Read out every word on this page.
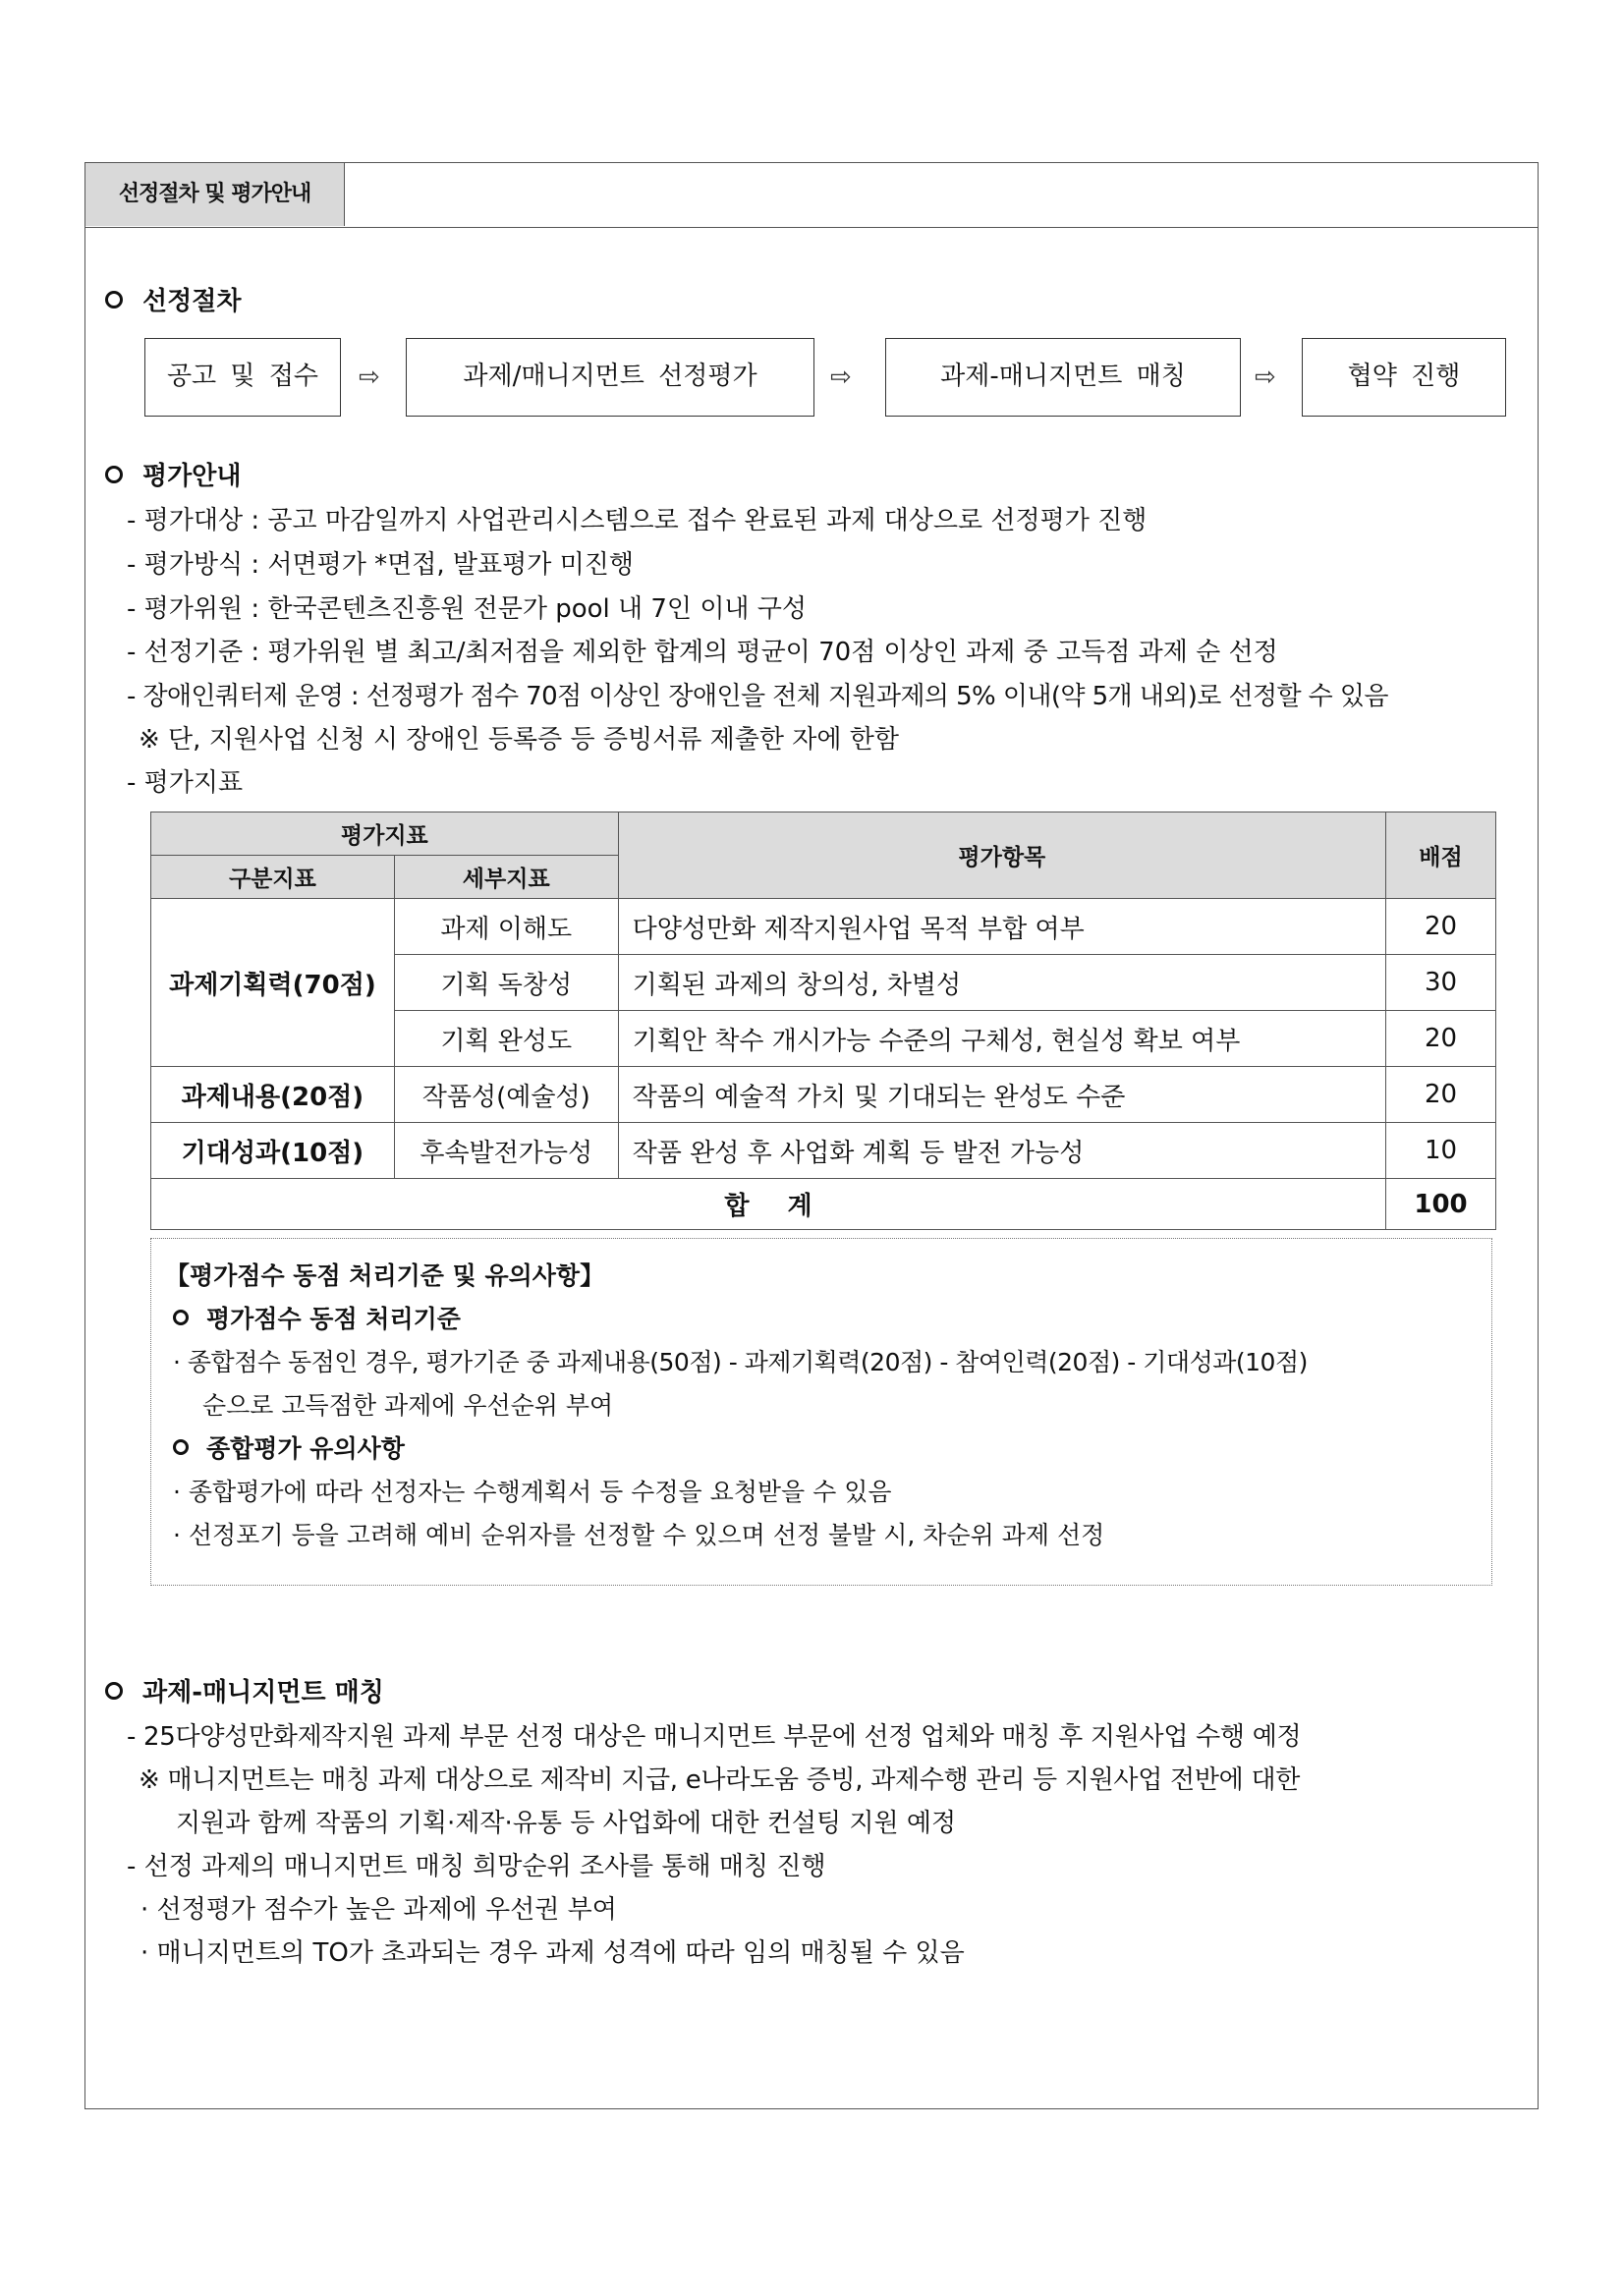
선정절차 및 평가안내
선정절차
공고 및 접수	⇨	과제/매니지먼트 선정평가	⇨	과제-매니지먼트 매칭	⇨	협약 진행
평가안내
- 평가대상 : 공고 마감일까지 사업관리시스템으로 접수 완료된 과제 대상으로 선정평가 진행
- 평가방식 : 서면평가 *면접, 발표평가 미진행
- 평가위원 : 한국콘텐츠진흥원 전문가 pool 내 7인 이내 구성
- 선정기준 : 평가위원 별 최고/최저점을 제외한 합계의 평균이 70점 이상인 과제 중 고득점 과제 순 선정
- 장애인쿼터제 운영 : 선정평가 점수 70점 이상인 장애인을 전체 지원과제의 5% 이내(약 5개 내외)로 선정할 수 있음
※ 단, 지원사업 신청 시 장애인 등록증 등 증빙서류 제출한 자에 한함
- 평가지표
평가지표		평가항목	배점
구분지표	세부지표		
과제기획력(70점)	과제 이해도	다양성만화 제작지원사업 목적 부합 여부	20
	기획 독창성	기획된 과제의 창의성, 차별성	30
	기획 완성도	기획안 착수 개시가능 수준의 구체성, 현실성 확보 여부	20
과제내용(20점)	작품성(예술성)	작품의 예술적 가치 및 기대되는 완성도 수준	20
기대성과(10점)	후속발전가능성	작품 완성 후 사업화 계획 등 발전 가능성	10
합 계			100
【평가점수 동점 처리기준 및 유의사항】
평가점수 동점 처리기준
· 종합점수 동점인 경우, 평가기준 중 과제내용(50점) - 과제기획력(20점) - 참여인력(20점) - 기대성과(10점)
순으로 고득점한 과제에 우선순위 부여
종합평가 유의사항
· 종합평가에 따라 선정자는 수행계획서 등 수정을 요청받을 수 있음
· 선정포기 등을 고려해 예비 순위자를 선정할 수 있으며 선정 불발 시, 차순위 과제 선정
과제-매니지먼트 매칭
- 25다양성만화제작지원 과제 부문 선정 대상은 매니지먼트 부문에 선정 업체와 매칭 후 지원사업 수행 예정
※ 매니지먼트는 매칭 과제 대상으로 제작비 지급, e나라도움 증빙, 과제수행 관리 등 지원사업 전반에 대한
지원과 함께 작품의 기획·제작·유통 등 사업화에 대한 컨설팅 지원 예정
- 선정 과제의 매니지먼트 매칭 희망순위 조사를 통해 매칭 진행
· 선정평가 점수가 높은 과제에 우선권 부여
· 매니지먼트의 TO가 초과되는 경우 과제 성격에 따라 임의 매칭될 수 있음
